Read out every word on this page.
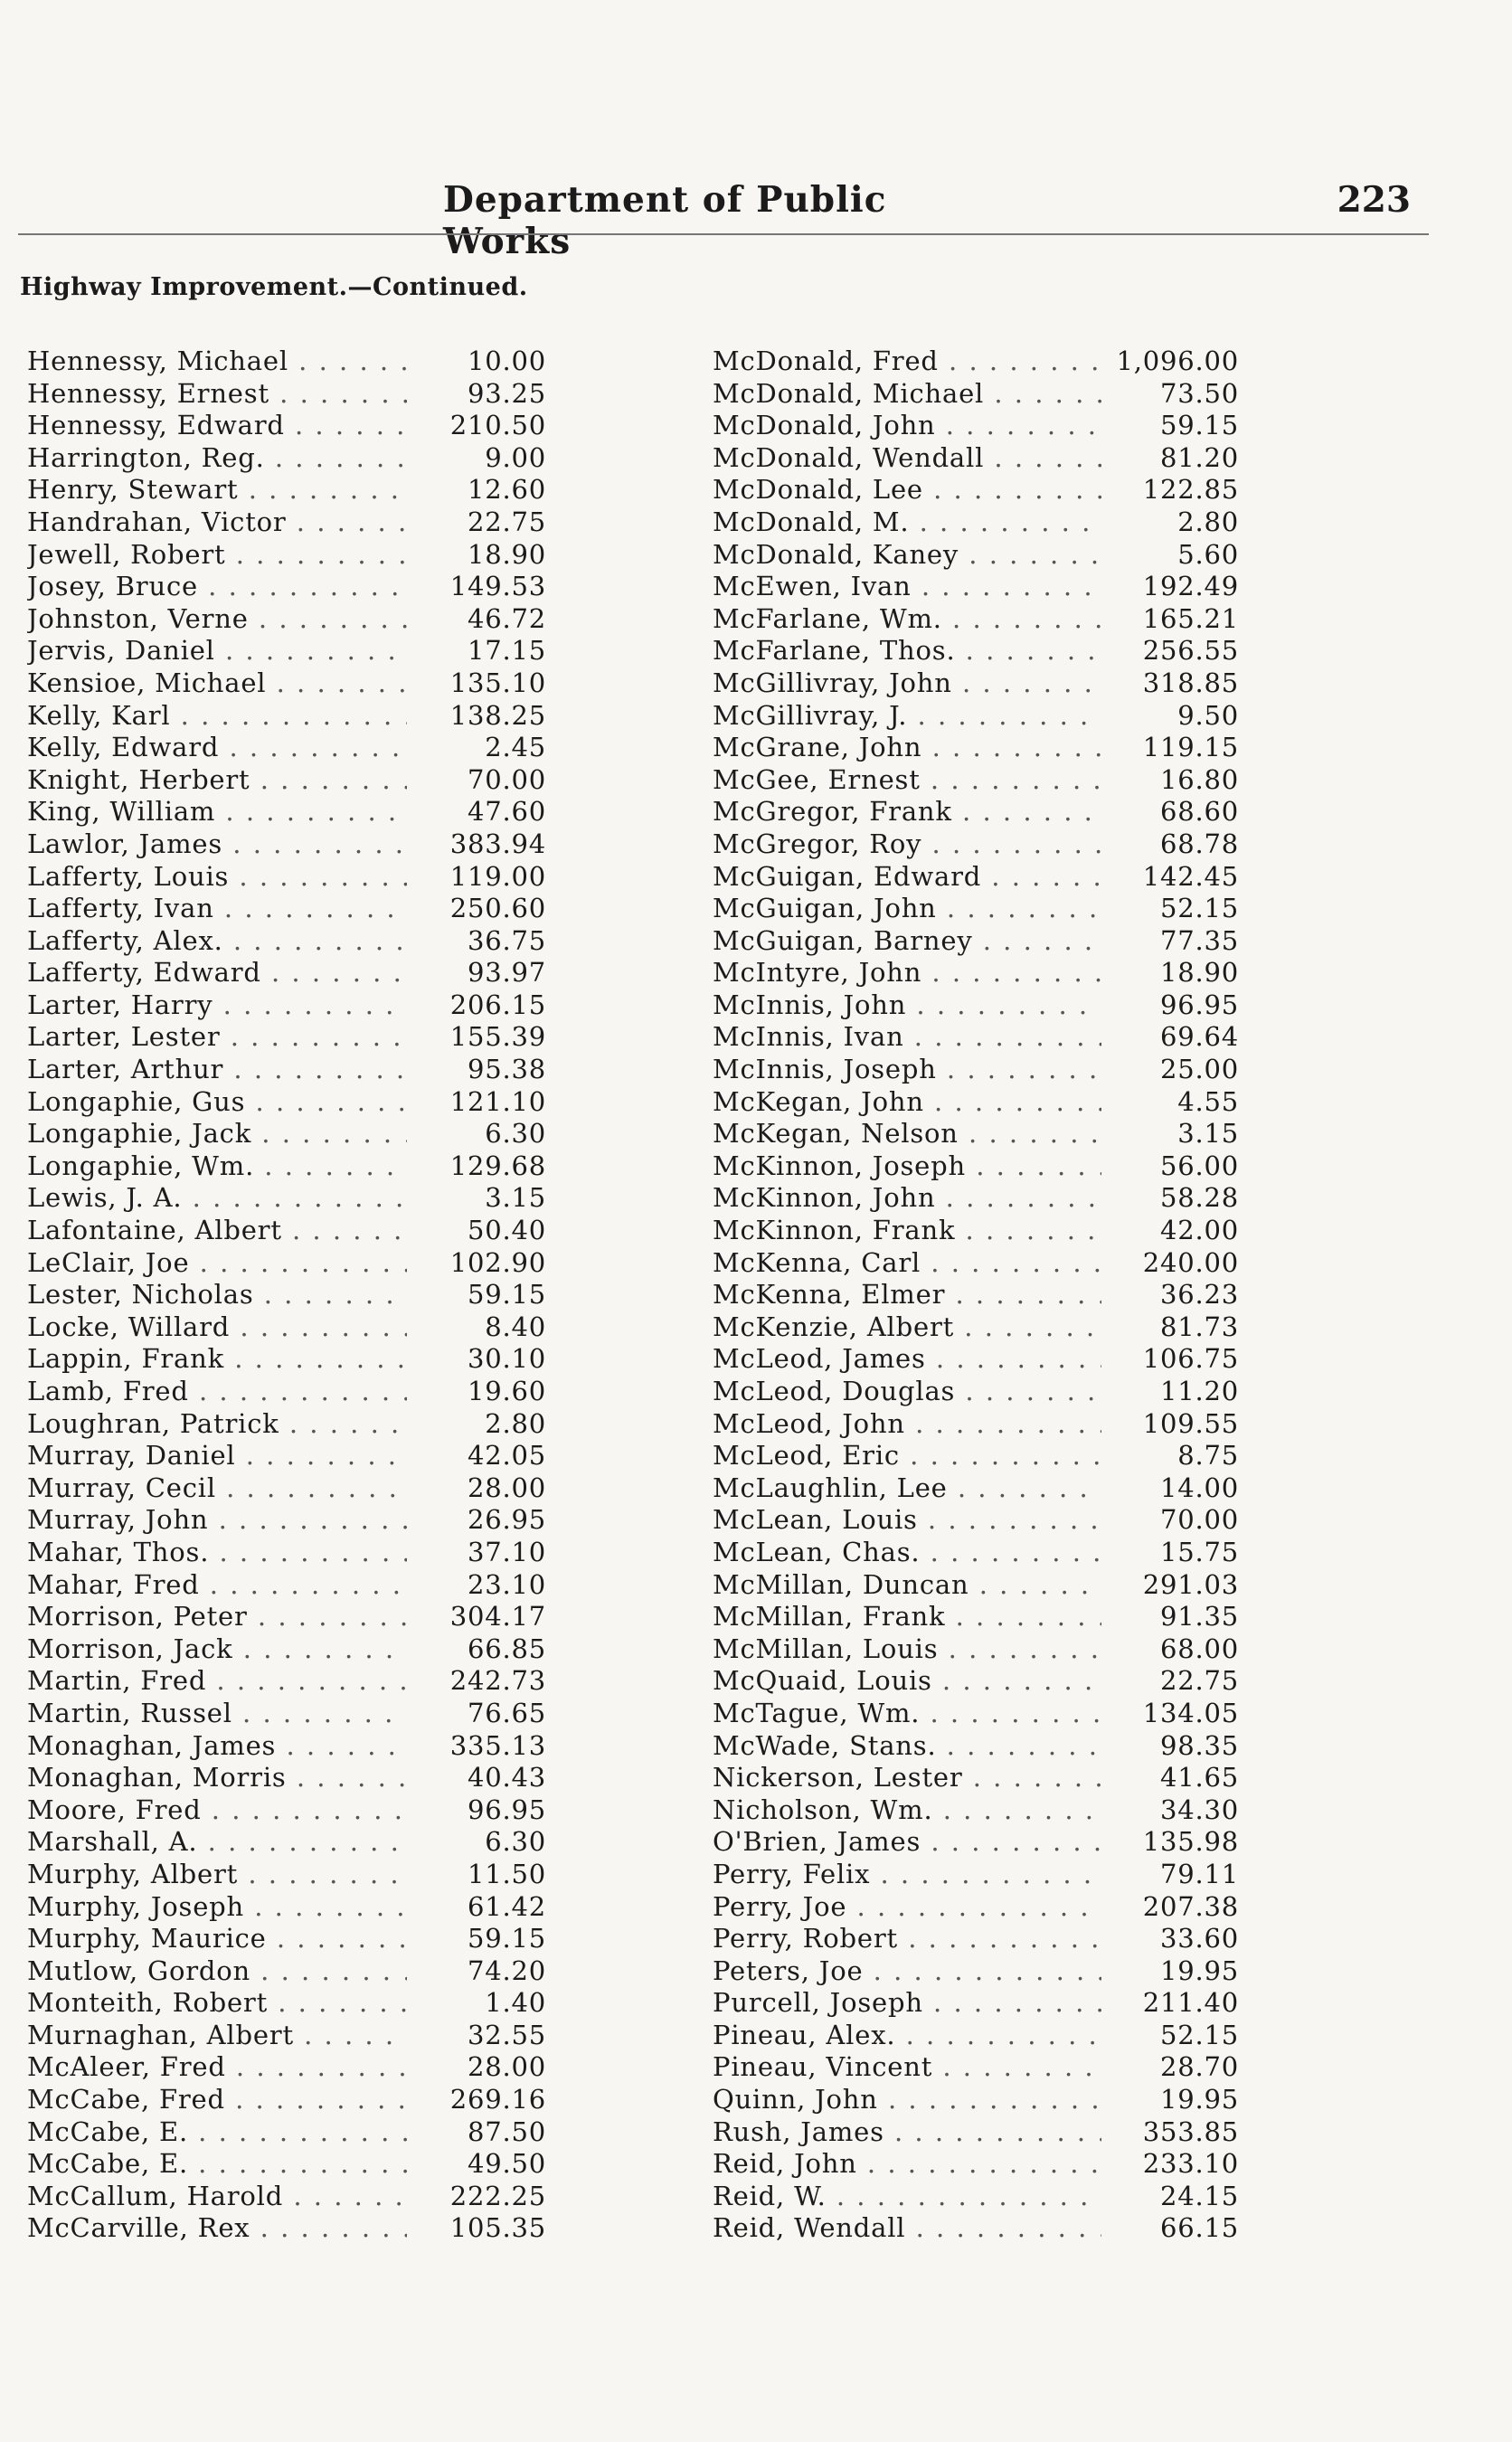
Department of Public Works
223
Highway Improvement.—Continued.
Hennessy, Michael . . .	10.00
Hennessy, Ernest . . .	93.25
Hennessy, Edward . . .	210.50
Harrington, Reg. . . .	9.00
Henry, Stewart . . .	12.60
Handrahan, Victor . . .	22.75
Jewell, Robert . . .	18.90
Josey, Bruce . . .	149.53
Johnston, Verne . . .	46.72
Jervis, Daniel . . .	17.15
Kensioe, Michael . . .	135.10
Kelly, Karl . . .	138.25
Kelly, Edward . . .	2.45
Knight, Herbert . . .	70.00
King, William . . .	47.60
Lawlor, James . . .	383.94
Lafferty, Louis . . .	119.00
Lafferty, Ivan . . .	250.60
Lafferty, Alex. . . .	36.75
Lafferty, Edward . . .	93.97
Larter, Harry . . .	206.15
Larter, Lester . . .	155.39
Larter, Arthur . . .	95.38
Longaphie, Gus . . .	121.10
Longaphie, Jack . . .	6.30
Longaphie, Wm. . . .	129.68
Lewis, J. A. . . .	3.15
Lafontaine, Albert . . .	50.40
LeClair, Joe . . .	102.90
Lester, Nicholas . . .	59.15
Locke, Willard . . .	8.40
Lappin, Frank . . .	30.10
Lamb, Fred . . .	19.60
Loughran, Patrick . . .	2.80
Murray, Daniel . . .	42.05
Murray, Cecil . . .	28.00
Murray, John . . .	26.95
Mahar, Thos. . . .	37.10
Mahar, Fred . . .	23.10
Morrison, Peter . . .	304.17
Morrison, Jack . . .	66.85
Martin, Fred . . .	242.73
Martin, Russel . . .	76.65
Monaghan, James . . .	335.13
Monaghan, Morris . . .	40.43
Moore, Fred . . .	96.95
Marshall, A. . . .	6.30
Murphy, Albert . . .	11.50
Murphy, Joseph . . .	61.42
Murphy, Maurice . . .	59.15
Mutlow, Gordon . . .	74.20
Monteith, Robert . . .	1.40
Murnaghan, Albert . . .	32.55
McAleer, Fred . . .	28.00
McCabe, Fred . . .	269.16
McCabe, E. . . .	87.50
McCabe, E. . . .	49.50
McCallum, Harold . . .	222.25
McCarville, Rex . . .	105.35
McDonald, Fred . . .	1,096.00
McDonald, Michael . . .	73.50
McDonald, John . . .	59.15
McDonald, Wendall . . .	81.20
McDonald, Lee . . .	122.85
McDonald, M. . . .	2.80
McDonald, Kaney . . .	5.60
McEwen, Ivan . . .	192.49
McFarlane, Wm. . . .	165.21
McFarlane, Thos. . . .	256.55
McGillivray, John . . .	318.85
McGillivray, J. . . .	9.50
McGrane, John . . .	119.15
McGee, Ernest . . .	16.80
McGregor, Frank . . .	68.60
McGregor, Roy . . .	68.78
McGuigan, Edward . . .	142.45
McGuigan, John . . .	52.15
McGuigan, Barney . . .	77.35
McIntyre, John . . .	18.90
McInnis, John . . .	96.95
McInnis, Ivan . . .	69.64
McInnis, Joseph . . .	25.00
McKegan, John . . .	4.55
McKegan, Nelson . . .	3.15
McKinnon, Joseph . . .	56.00
McKinnon, John . . .	58.28
McKinnon, Frank . . .	42.00
McKenna, Carl . . .	240.00
McKenna, Elmer . . .	36.23
McKenzie, Albert . . .	81.73
McLeod, James . . .	106.75
McLeod, Douglas . . .	11.20
McLeod, John . . .	109.55
McLeod, Eric . . .	8.75
McLaughlin, Lee . . .	14.00
McLean, Louis . . .	70.00
McLean, Chas. . . .	15.75
McMillan, Duncan . . .	291.03
McMillan, Frank . . .	91.35
McMillan, Louis . . .	68.00
McQuaid, Louis . . .	22.75
McTague, Wm. . . .	134.05
McWade, Stans. . . .	98.35
Nickerson, Lester . . .	41.65
Nicholson, Wm. . . .	34.30
O'Brien, James . . .	135.98
Perry, Felix . . .	79.11
Perry, Joe . . .	207.38
Perry, Robert . . .	33.60
Peters, Joe . . .	19.95
Purcell, Joseph . . .	211.40
Pineau, Alex. . . .	52.15
Pineau, Vincent . . .	28.70
Quinn, John . . .	19.95
Rush, James . . .	353.85
Reid, John . . .	233.10
Reid, W. . . .	24.15
Reid, Wendall . . .	66.15
